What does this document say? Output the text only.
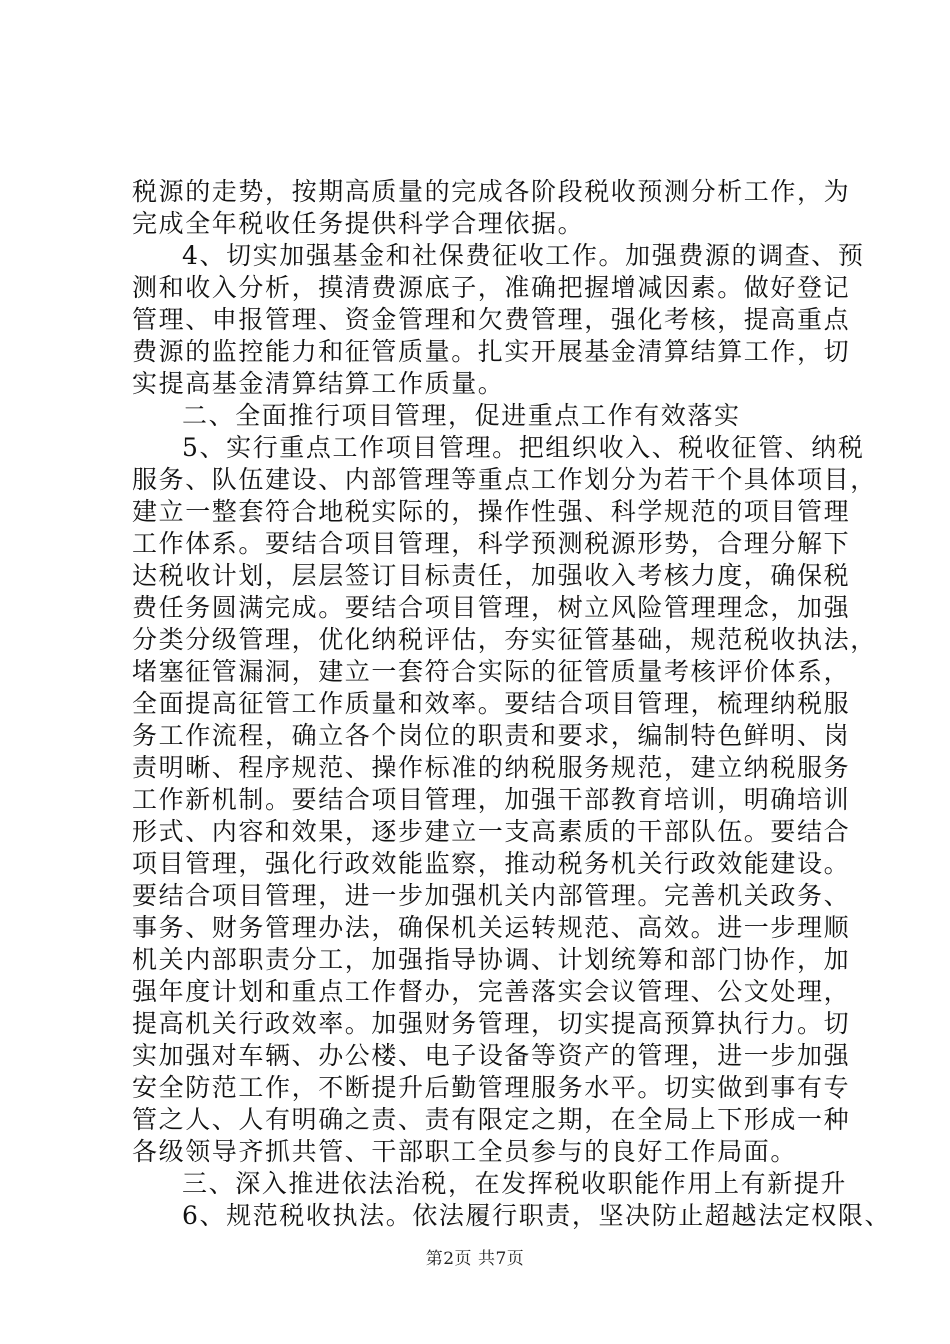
税源的走势，按期高质量的完成各阶段税收预测分析工作，为
完成全年税收任务提供科学合理依据。
4、切实加强基金和社保费征收工作。加强费源的调查、预
测和收入分析，摸清费源底子，准确把握增减因素。做好登记
管理、申报管理、资金管理和欠费管理，强化考核，提高重点
费源的监控能力和征管质量。扎实开展基金清算结算工作，切
实提高基金清算结算工作质量。
二、全面推行项目管理，促进重点工作有效落实
5、实行重点工作项目管理。把组织收入、税收征管、纳税
服务、队伍建设、内部管理等重点工作划分为若干个具体项目，
建立一整套符合地税实际的，操作性强、科学规范的项目管理
工作体系。要结合项目管理，科学预测税源形势，合理分解下
达税收计划，层层签订目标责任，加强收入考核力度，确保税
费任务圆满完成。要结合项目管理，树立风险管理理念，加强
分类分级管理，优化纳税评估，夯实征管基础，规范税收执法，
堵塞征管漏洞，建立一套符合实际的征管质量考核评价体系，
全面提高征管工作质量和效率。要结合项目管理，梳理纳税服
务工作流程，确立各个岗位的职责和要求，编制特色鲜明、岗
责明晰、程序规范、操作标准的纳税服务规范，建立纳税服务
工作新机制。要结合项目管理，加强干部教育培训，明确培训
形式、内容和效果，逐步建立一支高素质的干部队伍。要结合
项目管理，强化行政效能监察，推动税务机关行政效能建设。
要结合项目管理，进一步加强机关内部管理。完善机关政务、
事务、财务管理办法，确保机关运转规范、高效。进一步理顺
机关内部职责分工，加强指导协调、计划统筹和部门协作，加
强年度计划和重点工作督办，完善落实会议管理、公文处理，
提高机关行政效率。加强财务管理，切实提高预算执行力。切
实加强对车辆、办公楼、电子设备等资产的管理，进一步加强
安全防范工作，不断提升后勤管理服务水平。切实做到事有专
管之人、人有明确之责、责有限定之期，在全局上下形成一种
各级领导齐抓共管、干部职工全员参与的良好工作局面。
三、深入推进依法治税，在发挥税收职能作用上有新提升
6、规范税收执法。依法履行职责，坚决防止超越法定权限、
第2页 共7页
